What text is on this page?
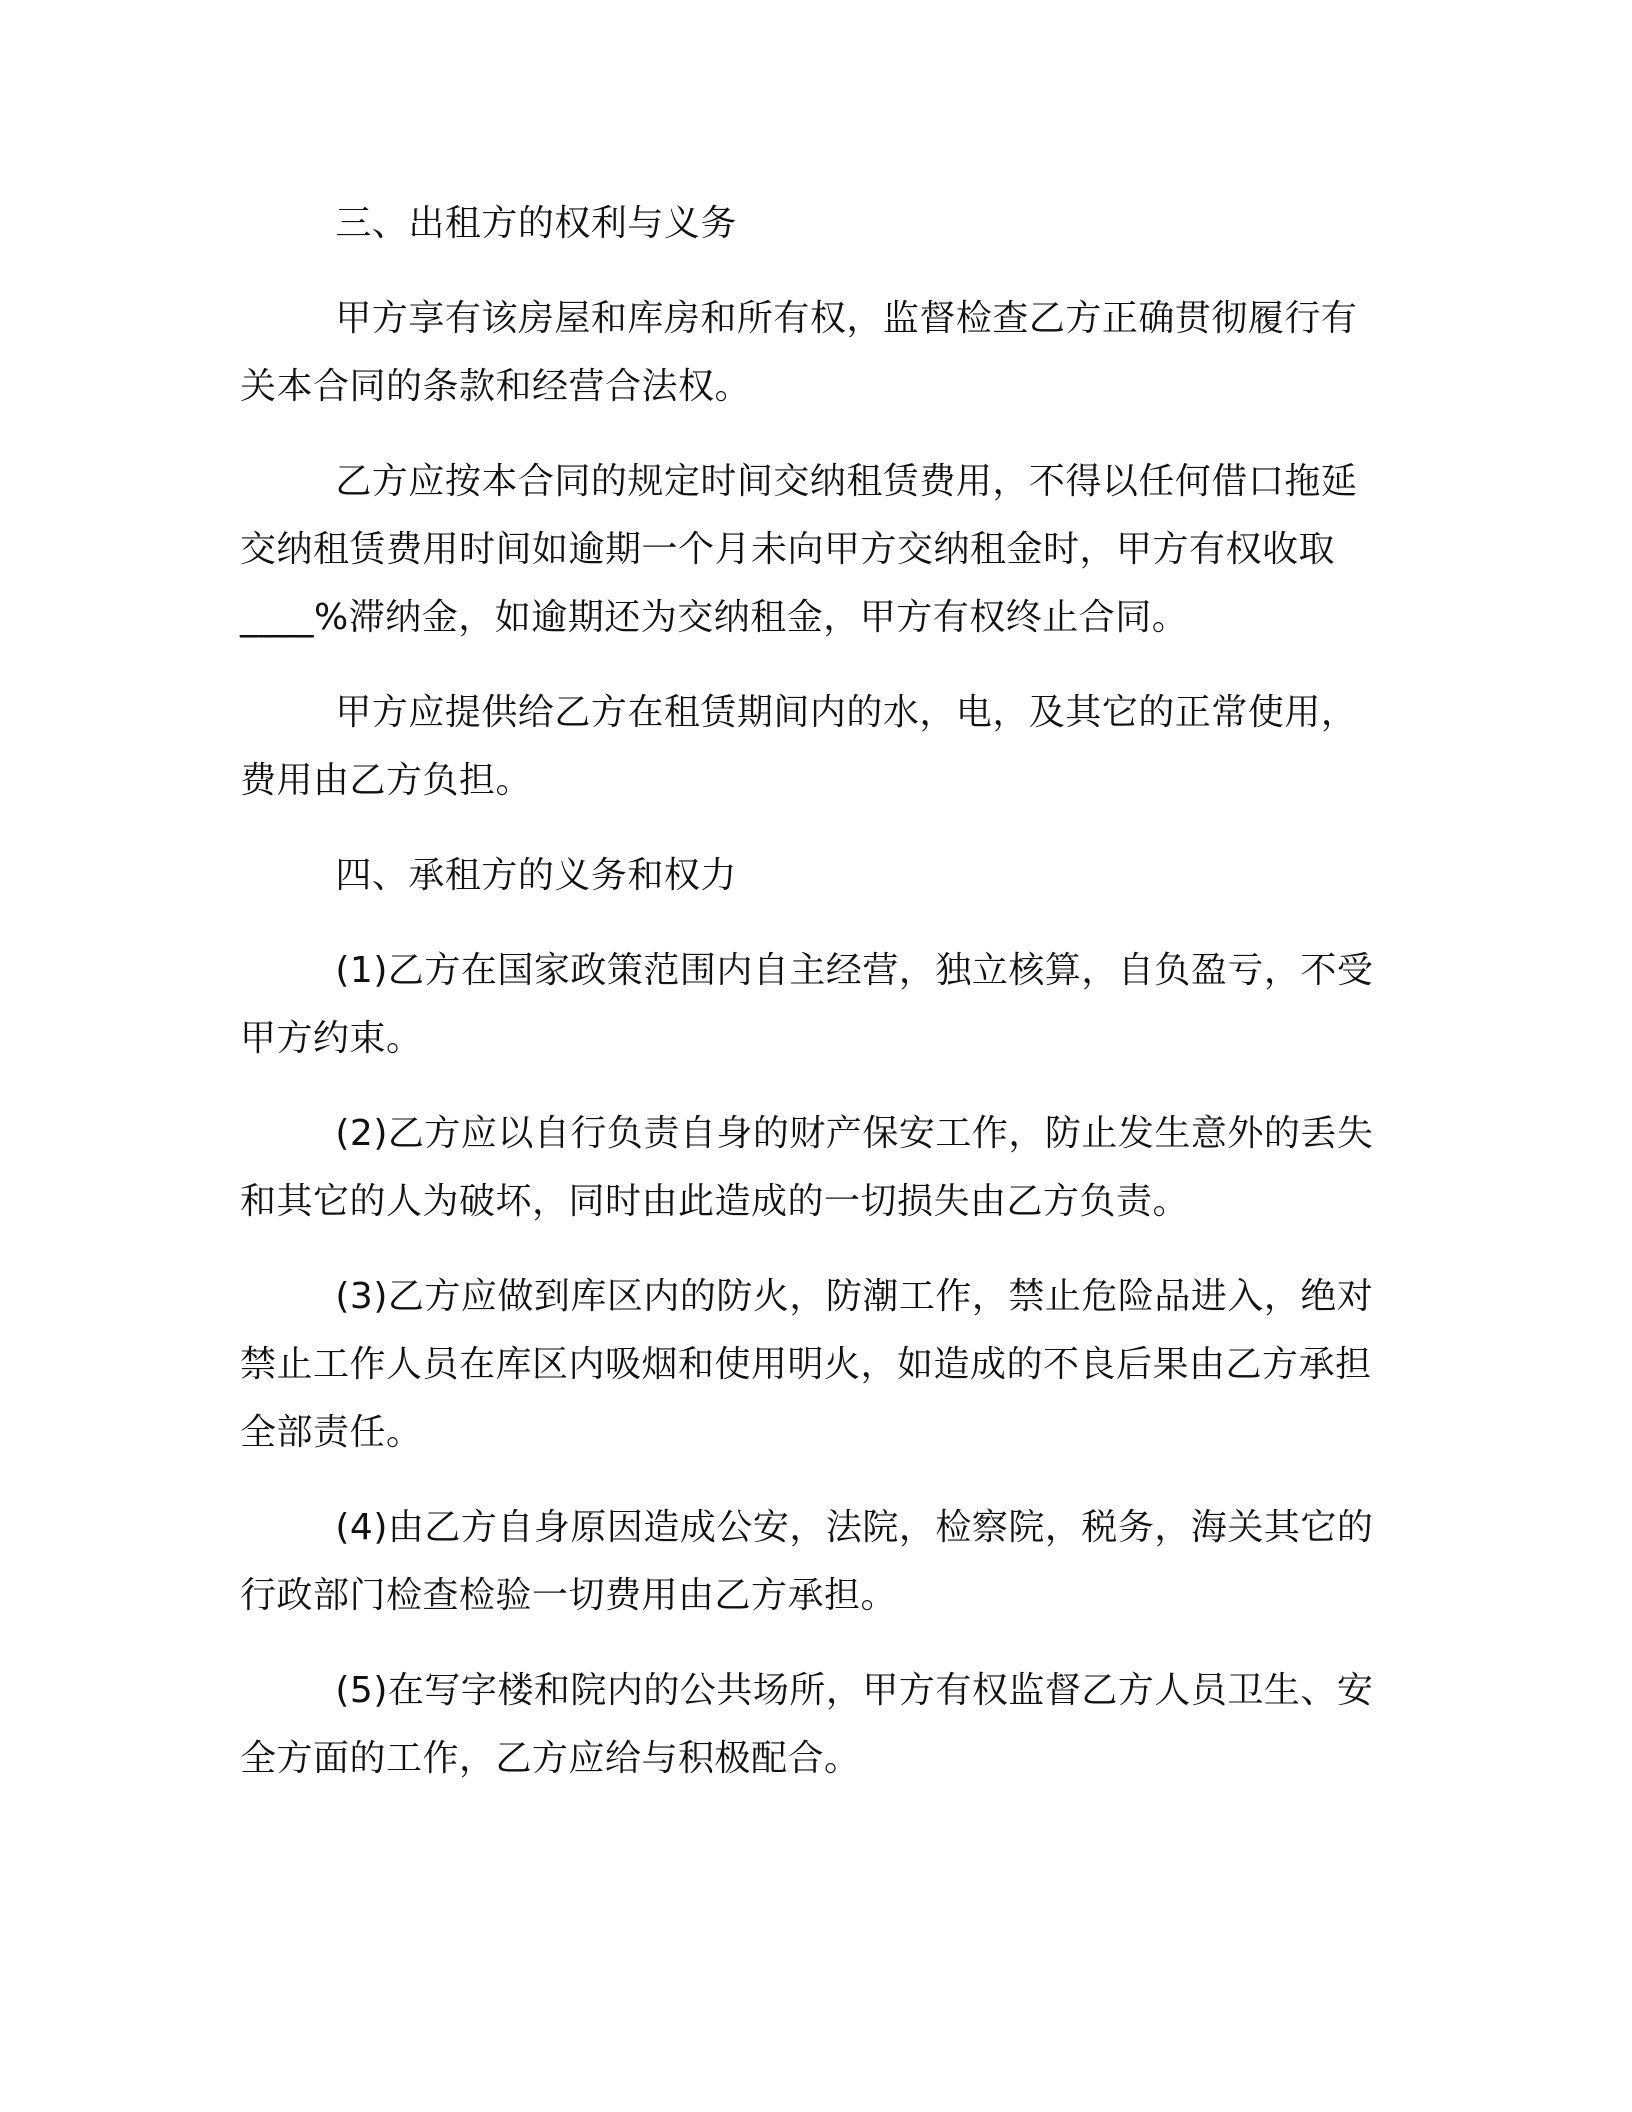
三、出租方的权利与义务

甲方享有该房屋和库房和所有权，监督检查乙方正确贯彻履行有关本合同的条款和经营合法权。

乙方应按本合同的规定时间交纳租赁费用，不得以任何借口拖延交纳租赁费用时间如逾期一个月未向甲方交纳租金时，甲方有权收取____%滞纳金，如逾期还为交纳租金，甲方有权终止合同。

甲方应提供给乙方在租赁期间内的水，电，及其它的正常使用，费用由乙方负担。

四、承租方的义务和权力

(1)乙方在国家政策范围内自主经营，独立核算，自负盈亏，不受甲方约束。

(2)乙方应以自行负责自身的财产保安工作，防止发生意外的丢失和其它的人为破坏，同时由此造成的一切损失由乙方负责。

(3)乙方应做到库区内的防火，防潮工作，禁止危险品进入，绝对禁止工作人员在库区内吸烟和使用明火，如造成的不良后果由乙方承担全部责任。

(4)由乙方自身原因造成公安，法院，检察院，税务，海关其它的行政部门检查检验一切费用由乙方承担。

(5)在写字楼和院内的公共场所，甲方有权监督乙方人员卫生、安全方面的工作，乙方应给与积极配合。
